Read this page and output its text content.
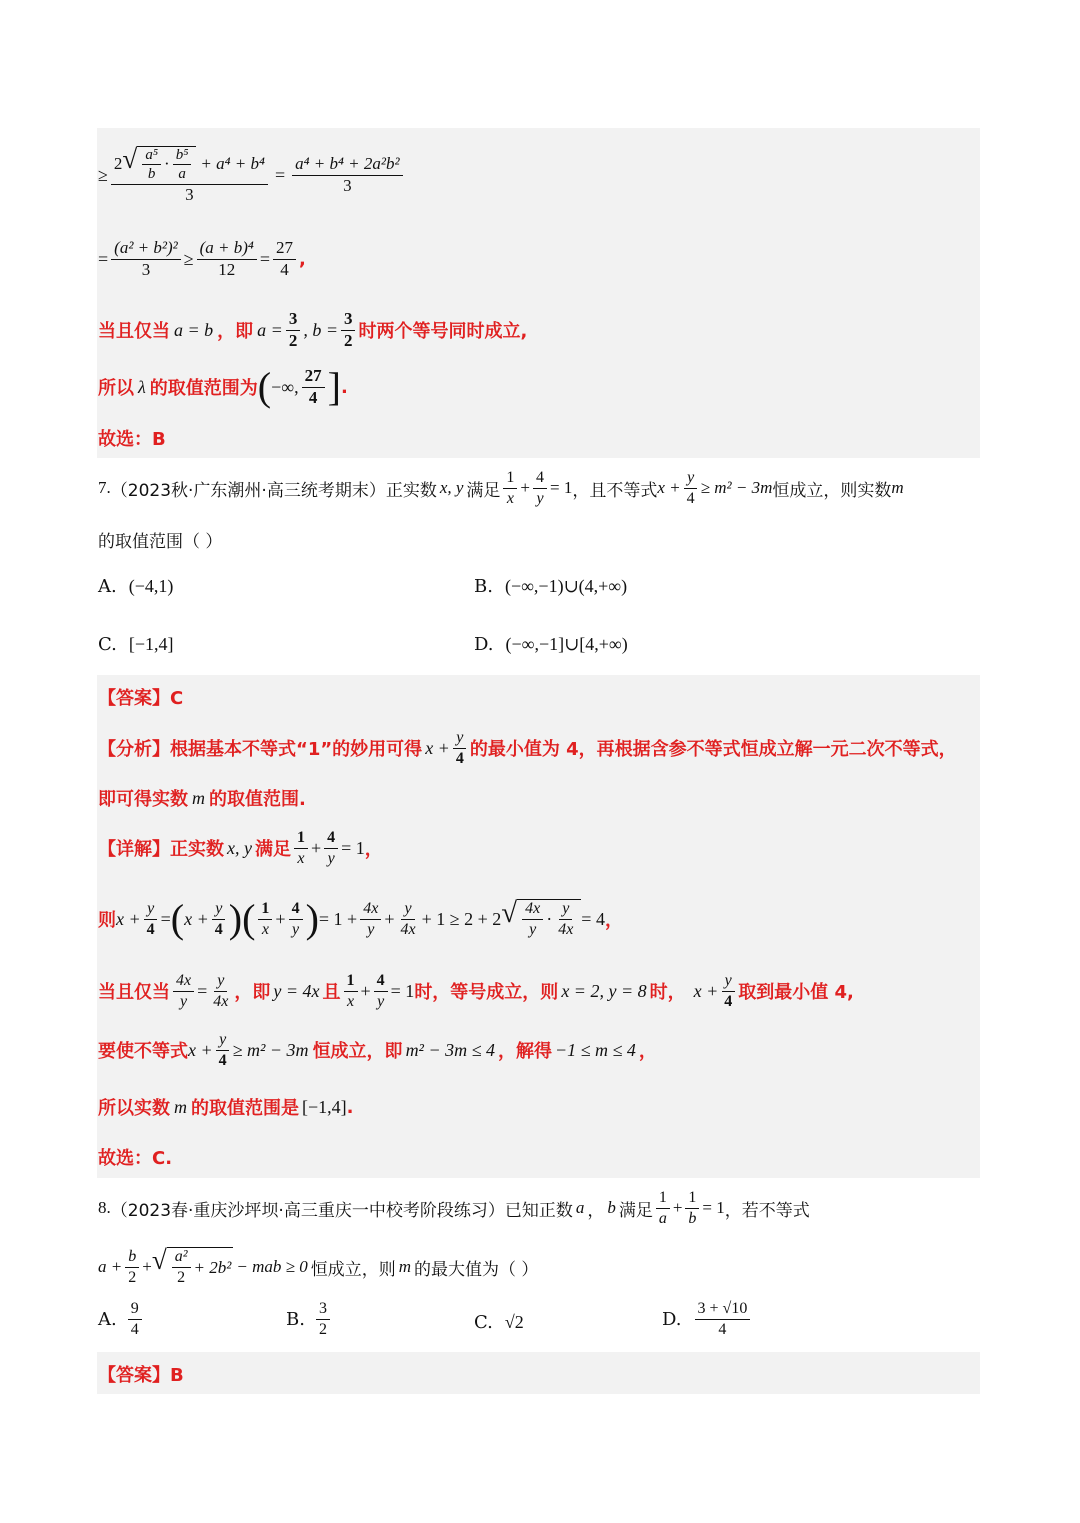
≥
2 √ $\frac{\text{a⁵}}{b} \cdot \frac{\text{b⁵}}{a} + a^4 + b^4$
3
= $\frac{\text{a⁴ + b⁴ + 2a²b²}}{3}$
= $\frac{\text{(a² + b²)²}}{3} \ge \frac{\text{(a + b)⁴}}{12} = \frac{27}{4}$ ,
当且仅当 a = b ，即 $a = \frac{3}{2}$ , $b = \frac{3}{2}$ 时两个等号同时成立,
所以 λ 的取值范围为 ( −∞, $\frac{27}{4}$ ] .
故选：B
7. （2023秋·广东潮州·高三统考期末） 正实数 x, y 满足 $\frac{1}{x} + \frac{4}{y} = 1$ ，且不等式 $x + \frac{y}{4} \ge m^2 - 3m$ 恒成立，则实数 m
的取值范围（ ）
A. (−4,1)	B. (−∞,−1)∪(4,+∞)
C. [−1,4]	D. (−∞,−1]∪[4,+∞)
【答案】C
【分析】根据基本不等式“1”的妙用可得 $x + \frac{y}{4}$ 的最小值为 4，再根据含参不等式恒成立解一元二次不等式，
即可得实数 m 的取值范围.
【详解】正实数 x, y 满足 $\frac{1}{x} + \frac{4}{y} = 1$ ，
则 $x + \frac{y}{4}$ = ( $x + \frac{y}{4}$ )( $\frac{1}{x} + \frac{4}{y}$ ) = $1 + \frac{4x}{y} + \frac{y}{4x} + 1 \ge 2 + 2$ √ $\frac{4x}{y} \cdot \frac{y}{4x} = 4$ ，
当且仅当 $\frac{4x}{y} = \frac{y}{4x}$ ，即 y = 4x 且 $\frac{1}{x} + \frac{4}{y} = 1$ 时，等号成立，则 x = 2, y = 8 时， $x + \frac{y}{4}$ 取到最小值 4,
要使不等式 $x + \frac{y}{4} \ge m^2 - 3m$ 恒成立，即 m² − 3m ≤ 4 ，解得 −1 ≤ m ≤ 4 ，
所以实数 m 的取值范围是 [−1,4] .
故选：C.
8. （2023春·重庆沙坪坝·高三重庆一中校考阶段练习） 已知正数 a ， b 满足 $\frac{1}{a} + \frac{1}{b} = 1$ ，若不等式
$a + \frac{b}{2}$ + √ $\frac{\text{a²}}{2} + 2b^2$ − mab ≥ 0 恒成立，则 m 的最大值为（ ）
A. $\frac{9}{4}$	B. $\frac{3}{2}$	C. √2	D. $\frac{3 + √10}{4}$
【答案】B
